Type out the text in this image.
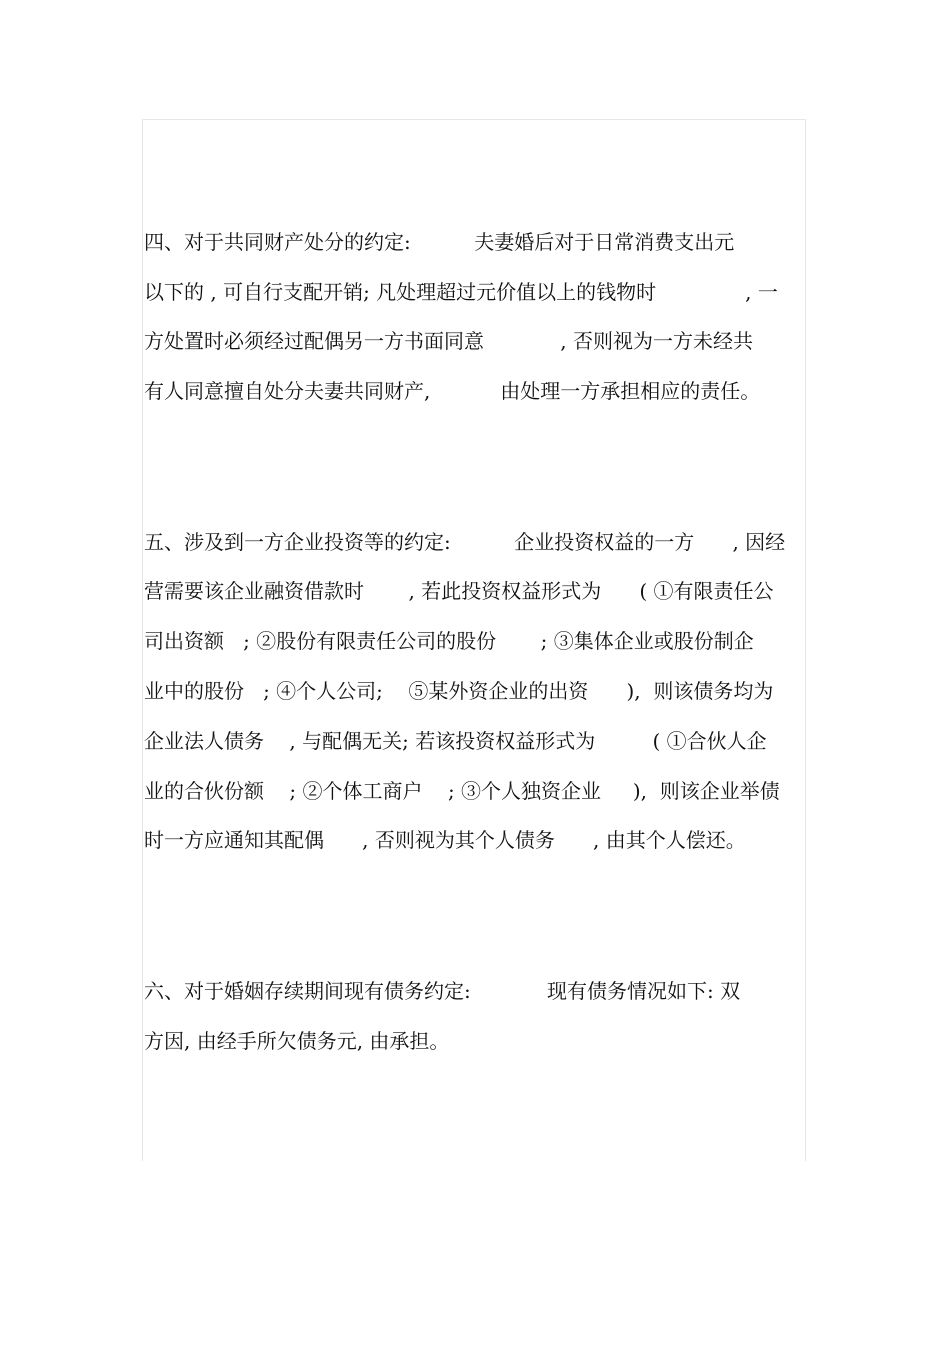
四、对于共同财产处分的约定:          夫妻婚后对于日常消费支出元
以下的 , 可自行支配开销; 凡处理超过元价值以上的钱物时              , 一
方处置时必须经过配偶另一方书面同意            , 否则视为一方未经共
有人同意擅自处分夫妻共同财产,           由处理一方承担相应的责任。
五、涉及到一方企业投资等的约定:          企业投资权益的一方      , 因经
营需要该企业融资借款时       , 若此投资权益形式为      ( ①有限责任公
司出资额   ; ②股份有限责任公司的股份       ; ③集体企业或股份制企
业中的股份   ; ④个人公司;    ⑤某外资企业的出资      ),  则该债务均为
企业法人债务    , 与配偶无关; 若该投资权益形式为         ( ①合伙人企
业的合伙份额    ; ②个体工商户    ; ③个人独资企业     ),  则该企业举债
时一方应通知其配偶      , 否则视为其个人债务      , 由其个人偿还。
六、对于婚姻存续期间现有债务约定:            现有债务情况如下: 双
方因, 由经手所欠债务元, 由承担。
